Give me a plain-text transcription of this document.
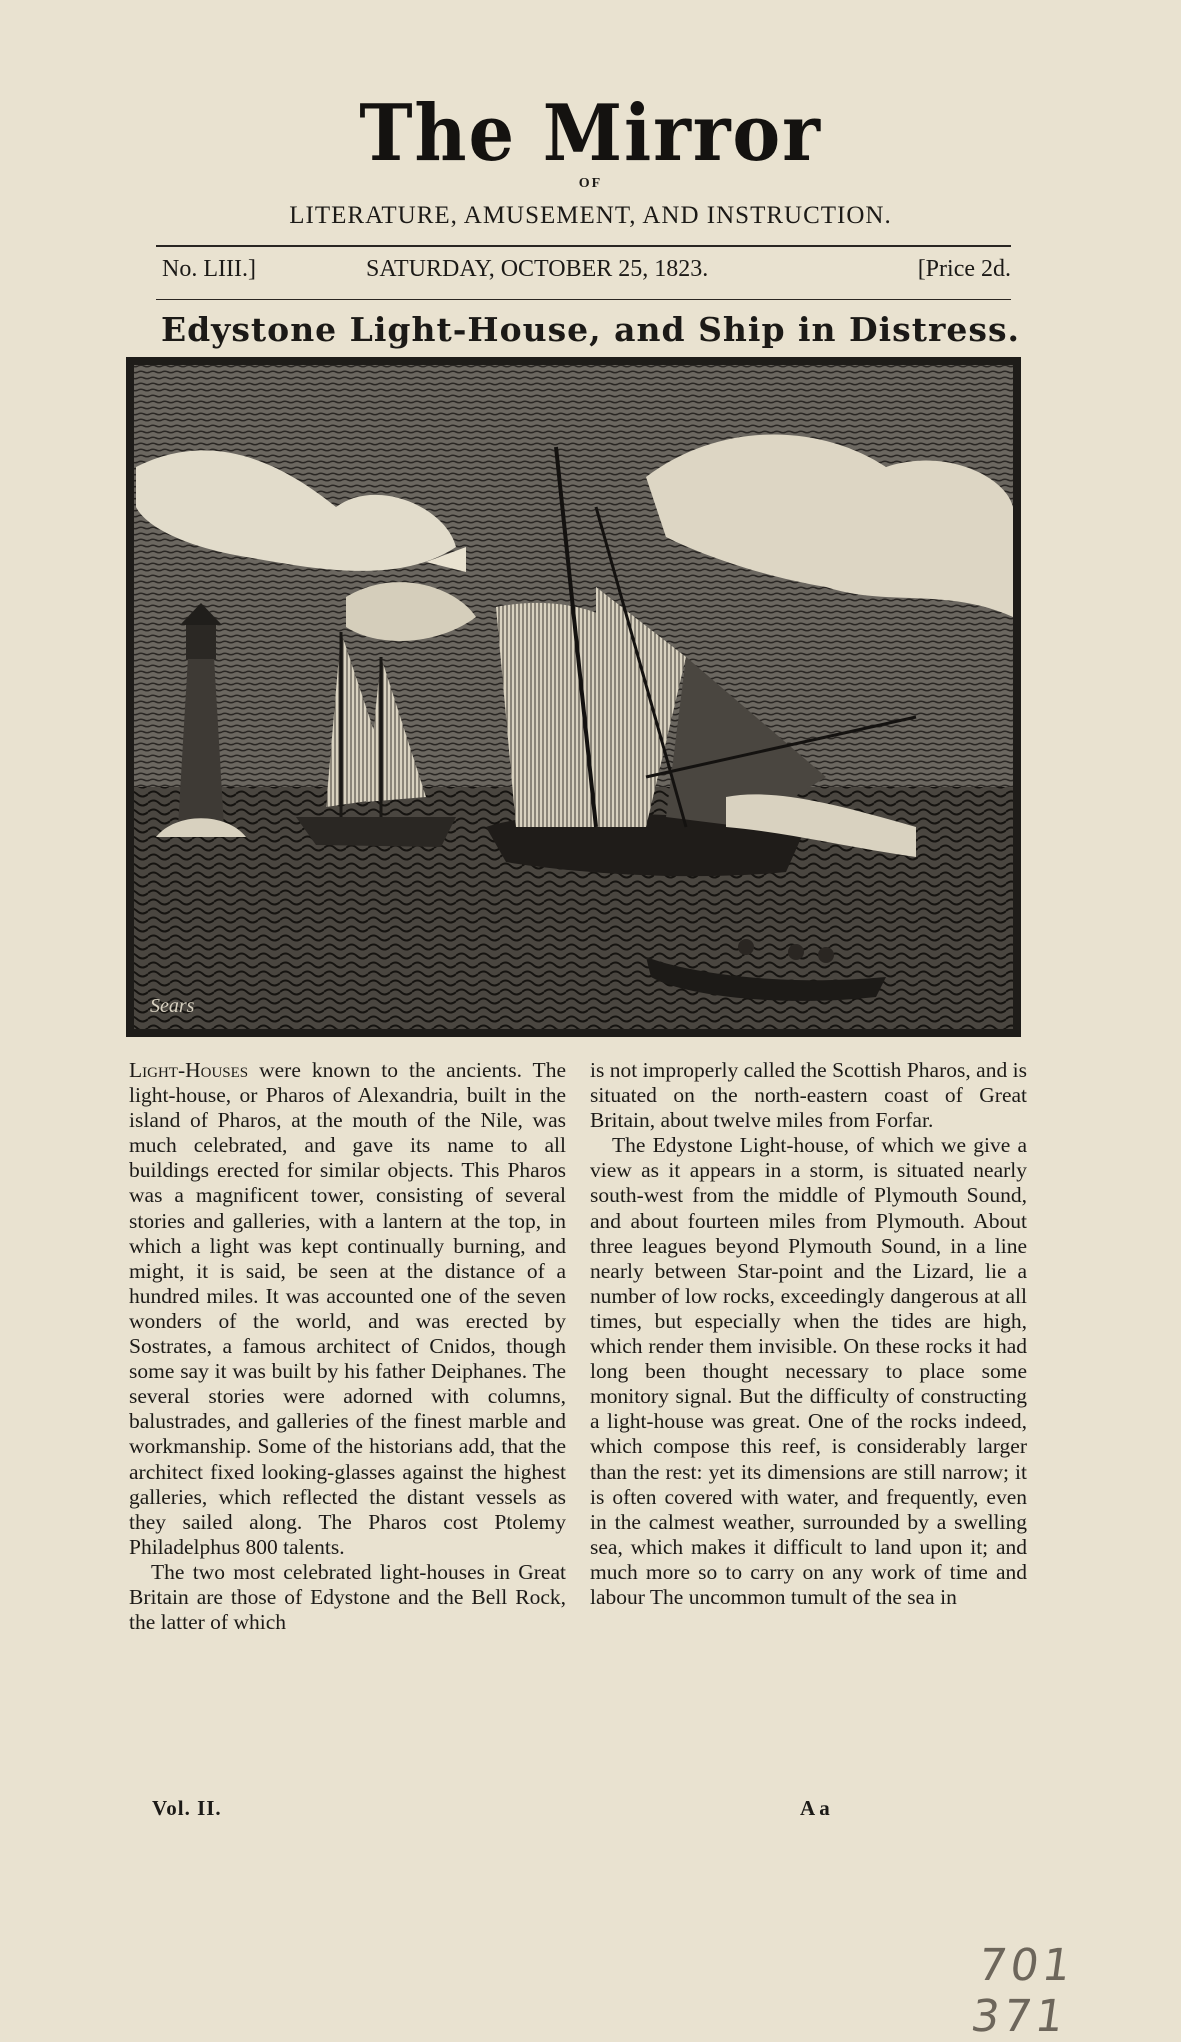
The Mirror
OF
LITERATURE, AMUSEMENT, AND INSTRUCTION.
No. LIII.]	SATURDAY, OCTOBER 25, 1823.	[Price 2d.
Edystone Light-House, and Ship in Distress.
Sears

Light-Houses were known to the ancients. The light-house, or Pharos of Alexandria, built in the island of Pharos, at the mouth of the Nile, was much celebrated, and gave its name to all buildings erected for similar objects. This Pharos was a magnificent tower, consisting of several stories and galleries, with a lantern at the top, in which a light was kept continually burning, and might, it is said, be seen at the distance of a hundred miles. It was accounted one of the seven wonders of the world, and was erected by Sostrates, a famous architect of Cnidos, though some say it was built by his father Deiphanes. The several stories were adorned with columns, balustrades, and galleries of the finest marble and workmanship. Some of the historians add, that the architect fixed looking-glasses against the highest galleries, which reflected the distant vessels as they sailed along. The Pharos cost Ptolemy Philadelphus 800 talents.

The two most celebrated light-houses in Great Britain are those of Edystone and the Bell Rock, the latter of which

is not improperly called the Scottish Pharos, and is situated on the north-eastern coast of Great Britain, about twelve miles from Forfar.

The Edystone Light-house, of which we give a view as it appears in a storm, is situated nearly south-west from the middle of Plymouth Sound, and about fourteen miles from Plymouth. About three leagues beyond Plymouth Sound, in a line nearly between Star-point and the Lizard, lie a number of low rocks, exceedingly dangerous at all times, but especially when the tides are high, which render them invisible. On these rocks it had long been thought necessary to place some monitory signal. But the difficulty of constructing a light-house was great. One of the rocks indeed, which compose this reef, is considerably larger than the rest: yet its dimensions are still narrow; it is often covered with water, and frequently, even in the calmest weather, surrounded by a swelling sea, which makes it difficult to land upon it; and much more so to carry on any work of time and labour The uncommon tumult of the sea in

Vol. II.	A a
701 371
